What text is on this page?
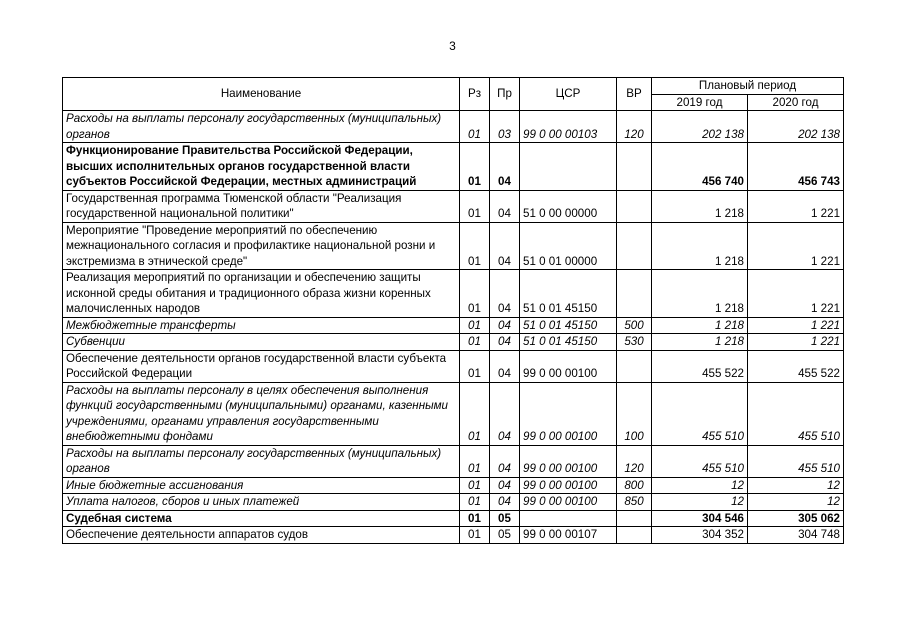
3
Наименование	Рз	Пр	ЦСР	ВР	Плановый период	
					2019 год	2020 год
Расходы на выплаты персоналу государственных (муниципальных) органов	01	03	99 0 00 00103	120	202 138	202 138
Функционирование Правительства Российской Федерации, высших исполнительных органов государственной власти субъектов Российской Федерации, местных администраций	01	04			456 740	456 743
Государственная программа Тюменской области "Реализация государственной национальной политики"	01	04	51 0 00 00000		1 218	1 221
Мероприятие "Проведение мероприятий по обеспечению межнационального согласия и профилактике национальной розни и экстремизма в этнической среде"	01	04	51 0 01 00000		1 218	1 221
Реализация мероприятий по организации и обеспечению защиты исконной среды обитания и традиционного образа жизни коренных малочисленных народов	01	04	51 0 01 45150		1 218	1 221
Межбюджетные трансферты	01	04	51 0 01 45150	500	1 218	1 221
Субвенции	01	04	51 0 01 45150	530	1 218	1 221
Обеспечение деятельности органов государственной власти субъекта Российской Федерации	01	04	99 0 00 00100		455 522	455 522
Расходы на выплаты персоналу в целях обеспечения выполнения функций государственными (муниципальными) органами, казенными учреждениями, органами управления государственными внебюджетными фондами	01	04	99 0 00 00100	100	455 510	455 510
Расходы на выплаты персоналу государственных (муниципальных) органов	01	04	99 0 00 00100	120	455 510	455 510
Иные бюджетные ассигнования	01	04	99 0 00 00100	800	12	12
Уплата налогов, сборов и иных платежей	01	04	99 0 00 00100	850	12	12
Судебная система	01	05			304 546	305 062
Обеспечение деятельности аппаратов судов	01	05	99 0 00 00107		304 352	304 748
